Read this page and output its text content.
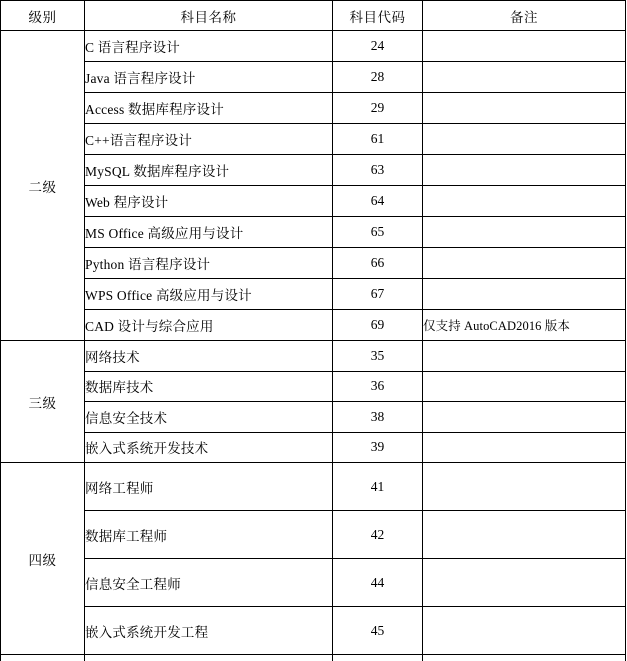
级别	科目名称	科目代码	备注
二级	C 语言程序设计	24	
	Java 语言程序设计	28	
	Access 数据库程序设计	29	
	C++语言程序设计	61	
	MySQL 数据库程序设计	63	
	Web 程序设计	64	
	MS Office 高级应用与设计	65	
	Python 语言程序设计	66	
	WPS Office 高级应用与设计	67	
	CAD 设计与综合应用	69	仅支持 AutoCAD2016 版本
三级	网络技术	35	
	数据库技术	36	
	信息安全技术	38	
	嵌入式系统开发技术	39	
四级	网络工程师	41	
	数据库工程师	42	
	信息安全工程师	44	
	嵌入式系统开发工程	45	
